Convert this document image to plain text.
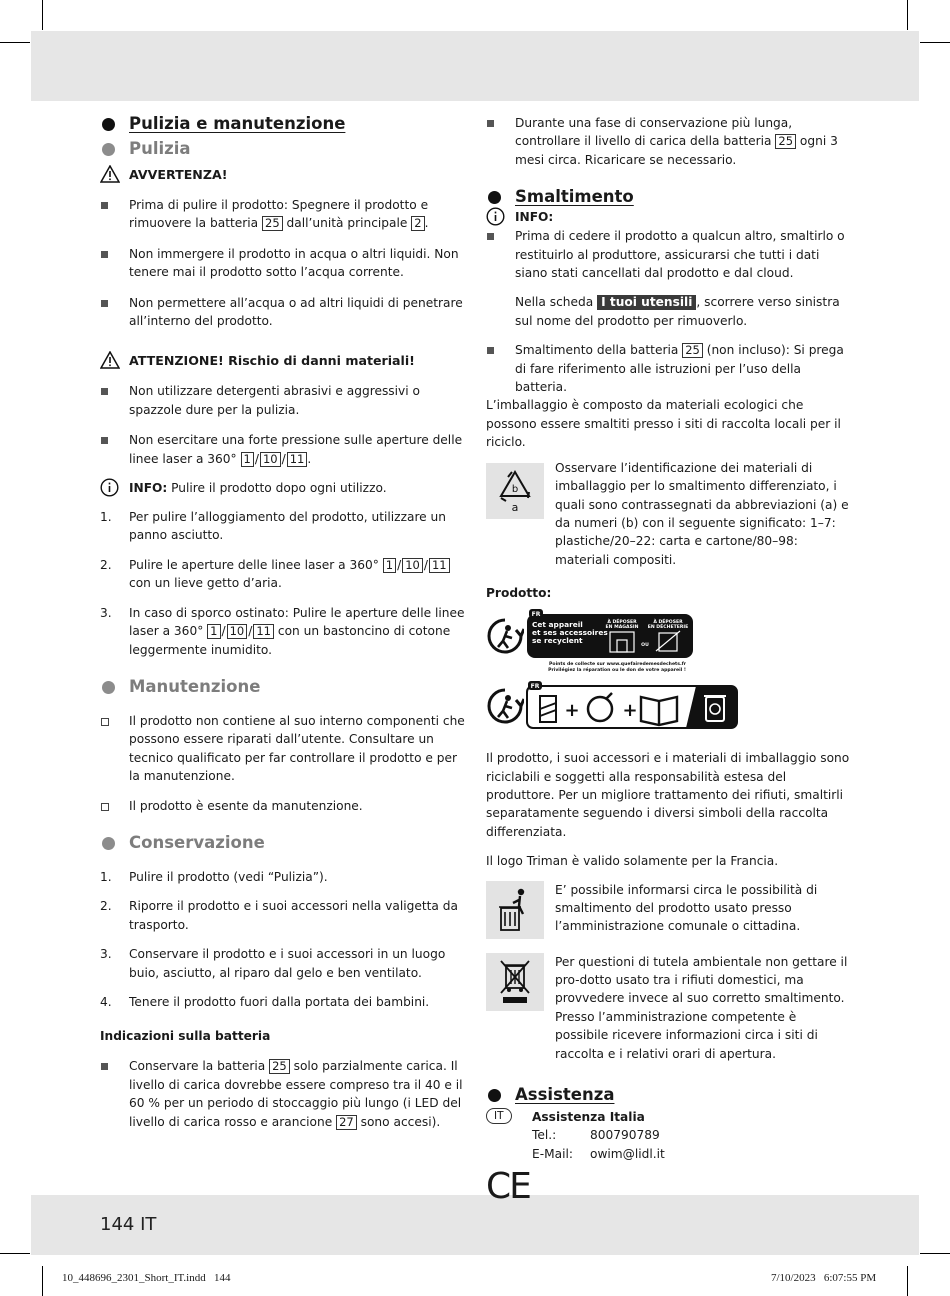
144 IT
10_448696_2301_Short_IT.indd   144	7/10/2023   6:07:55 PM
Pulizia e manutenzione
Pulizia
AVVERTENZA!
Prima di pulire il prodotto: Spegnere il prodotto e rimuovere la batteria 25 dall’unità principale 2 .
Non immergere il prodotto in acqua o altri liquidi. Non tenere mai il prodotto sotto l’acqua corrente.
Non permettere all’acqua o ad altri liquidi di penetrare all’interno del prodotto.
ATTENZIONE! Rischio di danni materiali!
Non utilizzare detergenti abrasivi e aggressivi o spazzole dure per la pulizia.
Non esercitare una forte pressione sulle aperture delle linee laser a 360° 1 / 10 / 11 .
INFO: Pulire il prodotto dopo ogni utilizzo.
1. Per pulire l’alloggiamento del prodotto, utilizzare un panno asciutto.
2. Pulire le aperture delle linee laser a 360° 1 / 10 / 11 con un lieve getto d’aria.
3. In caso di sporco ostinato: Pulire le aperture delle linee laser a 360° 1 / 10 / 11 con un bastoncino di cotone leggermente inumidito.
Manutenzione
Il prodotto non contiene al suo interno componenti che possono essere riparati dall’utente. Consultare un tecnico qualificato per far controllare il prodotto e per la manutenzione.
Il prodotto è esente da manutenzione.
Conservazione
1. Pulire il prodotto (vedi “Pulizia”).
2. Riporre il prodotto e i suoi accessori nella valigetta da trasporto.
3. Conservare il prodotto e i suoi accessori in un luogo buio, asciutto, al riparo dal gelo e ben ventilato.
4. Tenere il prodotto fuori dalla portata dei bambini.
Indicazioni sulla batteria
Conservare la batteria 25 solo parzialmente carica. Il livello di carica dovrebbe essere compreso tra il 40 e il 60 % per un periodo di stoccaggio più lungo (i LED del livello di carica rosso e arancione 27 sono accesi).
Durante una fase di conservazione più lunga, controllare il livello di carica della batteria 25 ogni 3 mesi circa. Ricaricare se necessario.
Smaltimento
INFO:
Prima di cedere il prodotto a qualcun altro, smaltirlo o restituirlo al produttore, assicurarsi che tutti i dati siano stati cancellati dal prodotto e dal cloud.
Nella scheda I tuoi utensili, scorrere verso sinistra sul nome del prodotto per rimuoverlo.
Smaltimento della batteria 25 (non incluso): Si prega di fare riferimento alle istruzioni per l’uso della batteria.

L’imballaggio è composto da materiali ecologici che possono essere smaltiti presso i siti di raccolta locali per il riciclo.

b
a

Osservare l’identificazione dei materiali di imballaggio per lo smaltimento differenziato, i quali sono contrassegnati da abbreviazioni (a) e da numeri (b) con il seguente significato: 1–7: plastiche/20–22: carta e cartone/80–98: materiali compositi.

Prodotto:
FR
Cet appareil
et ses accessoires
se recyclent
À DÉPOSER
EN MAGASIN
OU
À DÉPOSER
EN DÉCHETERIE
Points de collecte sur www.quefairedemesdechets.fr
Privilégiez la réparation ou le don de votre appareil !
FR
+ +

Il prodotto, i suoi accessori e i materiali di imballaggio sono riciclabili e soggetti alla responsabilità estesa del produttore. Per un migliore trattamento dei rifiuti, smaltirli separatamente seguendo i diversi simboli della raccolta differenziata.

Il logo Triman è valido solamente per la Francia.

E’ possibile informarsi circa le possibilità di smaltimento del prodotto usato presso l’amministrazione comunale o cittadina.

Per questioni di tutela ambientale non gettare il pro-dotto usato tra i rifiuti domestici, ma provvedere invece al suo corretto smaltimento. Presso l’amministrazione competente è possibile ricevere informazioni circa i siti di raccolta e i relativi orari di apertura.

Assistenza
IT	Assistenza Italia
Tel.:	800790789
E-Mail:	owim@lidl.it
CE
